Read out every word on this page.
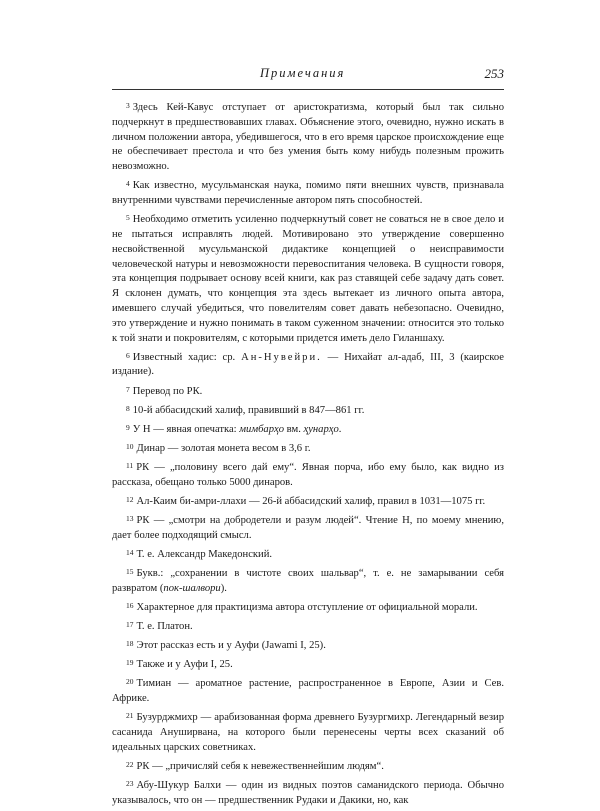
Примечания	253

3 Здесь Кей-Кавус отступает от аристократизма, который был так сильно подчеркнут в предшествовавших главах. Объяснение этого, очевидно, нужно искать в личном положении автора, убедившегося, что в его время царское происхождение еще не обеспечивает престола и что без умения быть кому нибудь полезным прожить невозможно.

4 Как известно, мусульманская наука, помимо пяти внешних чувств, признавала внутренними чувствами перечисленные автором пять способностей.

5 Необходимо отметить усиленно подчеркнутый совет не соваться не в свое дело и не пытаться исправлять людей. Мотивировано это утверждение совершенно несвойственной мусульманской дидактике концепцией о неисправимости человеческой натуры и невозможности перевоспитания человека. В сущности говоря, эта концепция подрывает основу всей книги, как раз ставящей себе задачу дать совет. Я склонен думать, что концепция эта здесь вытекает из личного опыта автора, имевшего случай убедиться, что повелителям совет давать небезопасно. Очевидно, это утверждение и нужно понимать в таком суженном значении: относится это только к той знати и покровителям, с которыми придется иметь дело Гиланшаху.

6 Известный хадис: ср. Ан-Нувейри. — Нихайат ал-адаб, III, 3 (каирское издание).

7 Перевод по РК.

8 10-й аббасидский халиф, правивший в 847—861 гг.

9 У Н — явная опечатка: мимбарҳо вм. ҳунарҳо.

10 Динар — золотая монета весом в 3,6 г.

11 РК — „половину всего дай ему“. Явная порча, ибо ему было, как видно из рассказа, обещано только 5000 динаров.

12 Ал-Каим би-амри-ллахи — 26-й аббасидский халиф, правил в 1031—1075 гг.

13 РК — „смотри на добродетели и разум людей“. Чтение Н, по моему мнению, дает более подходящий смысл.

14 Т. е. Александр Македонский.

15 Букв.: „сохранении в чистоте своих шальвар“, т. е. не замарывании себя развратом (пок-шалвори).

16 Характерное для практицизма автора отступление от официальной морали.

17 Т. е. Платон.

18 Этот рассказ есть и у Ауфи (Jawami I, 25).

19 Также и у Ауфи I, 25.

20 Тимиан — ароматное растение, распространенное в Европе, Азии и Сев. Африке.

21 Бузурджмихр — арабизованная форма древнего Бузургмихр. Легендарный везир сасанида Ануширвана, на которого были перенесены черты всех сказаний об идеальных царских советниках.

22 РК — „причисляй себя к невежественнейшим людям“.

23 Абу-Шукур Балхи — один из видных поэтов саманидского периода. Обычно указывалось, что он — предшественник Рудаки и Дакики, но, как
